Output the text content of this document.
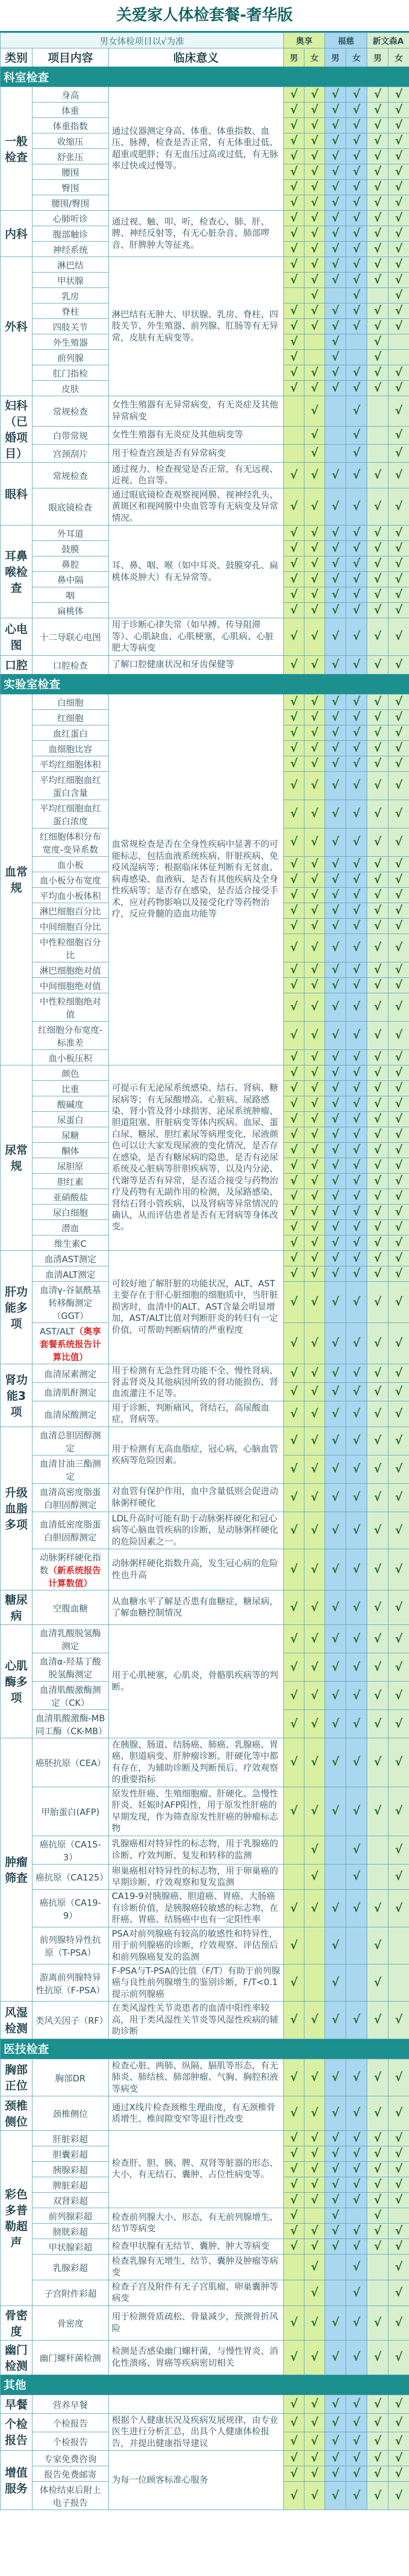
关爱家人体检套餐-奢华版
男女体检项目以√为准			奥享		福慈		新文森A	
类别	项目内容	临床意义	男	女	男	女	男	女
科室检查								
一般检查	身高	通过仪器测定身高、体重、体重指数、血压、脉搏，检查是否正常，有无体重过低、超重或肥胖；有无血压过高或过低，有无脉率过快或过慢等。	√	√	√	√	√	√
	体重		√	√	√	√	√	√
	体重指数		√	√	√	√	√	√
	收缩压		√	√	√	√	√	√
	舒张压		√	√	√	√	√	√
	腰围		√	√	√	√	√	√
	臀围		√	√	√	√	√	√
	腰围/臀围		√	√	√	√	√	√
内科	心肺听诊	通过视、触、叩、听，检查心、肺、肝、脾、神经反射等，有无心脏杂音、肺部啰音、肝脾肿大等征兆。	√	√	√	√	√	√
	腹部触诊		√	√	√	√	√	√
	神经系统		√	√	√	√	√	√
外科	淋巴结	淋巴结有无肿大、甲状腺、乳房、脊柱、四肢关节、外生殖器、前列腺、肛肠等有无异常，皮肤有无病变等。	√	√	√	√	√	√
	甲状腺		√	√	√	√	√	√
	乳房			√		√		√
	脊柱		√	√	√	√	√	√
	四肢关节		√	√	√	√	√	√
	外生殖器		√		√		√	
	前列腺		√		√		√	
	肛门指检		√	√	√	√	√	√
	皮肤		√	√	√	√	√	√
妇科（已婚项目）	常规检查	女性生殖器有无异常病变，有无炎症及其他异常病变		√		√		√
	白带常规	女性生殖器有无炎症及其他病变等		√		√		√
	宫颈刮片	用于检查宫颈是否有异常病变		√		√		√
眼科	常规检查	通过视力、检查视觉是否正常，有无远视、近视、色盲等。	√	√	√	√	√	√
	眼底镜检查	通过眼底镜检查观察视网膜、视神经乳头、黄斑区和视网膜中央血管等有无病变及异常情况。	√	√	√	√	√	√
耳鼻喉检查	外耳道	耳、鼻、咽、喉（如中耳炎、鼓膜穿孔、扁桃体炎肿大）有无异常等。	√	√	√	√	√	√
	鼓膜		√	√	√	√	√	√
	鼻腔		√	√	√	√	√	√
	鼻中隔		√	√	√	√	√	√
	咽		√	√	√	√	√	√
	扁桃体		√	√	√	√	√	√
心电图	十二导联心电图	用于诊断心律失常（如早搏、传导阻滞等）、心肌缺血、心肌梗塞，心肌病、心脏肥大等病变	√	√	√	√	√	√
口腔	口腔检查	了解口腔健康状况和牙齿保健等	√	√	√	√	√	√
实验室检查								
血常规	白细胞	血常规检查是否在全身性疾病中显著不的可能标志，包括血液系统疾病、肝脏疾病、免疫风湿病等；根据临床体征判断有无贫血、病毒感染、血液病、是否有其他疾病及全身性疾病等；是否存在感染，是否适合接受手术，应对药物影响以及接受化疗等药物治疗，反应骨髓的造血功能等	√	√	√	√	√	√
	红细胞		√	√	√	√	√	√
	血红蛋白		√	√	√	√	√	√
	血细胞比容		√	√	√	√	√	√
	平均红细胞体积		√	√	√	√	√	√
	平均红细胞血红蛋白含量		√	√	√	√	√	√
	平均红细胞血红蛋白浓度		√	√	√	√	√	√
	红细胞体积分布宽度-变异系数		√	√	√	√	√	√
	血小板		√	√	√	√	√	√
	血小板分布宽度		√	√	√	√	√	√
	平均血小板体积		√	√	√	√	√	√
	淋巴细胞百分比		√	√	√	√	√	√
	中间细胞百分比		√	√	√	√	√	√
	中性粒细胞百分比		√	√	√	√	√	√
	淋巴细胞绝对值		√	√	√	√	√	√
	中间细胞绝对值		√	√	√	√	√	√
	中性粒细胞绝对值		√	√	√	√	√	√
	红细胞分布宽度-标准差		√	√	√	√	√	√
	血小板压积		√	√	√	√	√	√
尿常规	颜色	可提示有无泌尿系统感染、结石、肾病、糖尿病等；有无尿酸增高、心脏病、尿路感染、肾小管及肾小球损害、泌尿系统肿瘤、胆道阻塞、肝脏病变等体内疾病。血尿、蛋白尿、糖尿、胆红素尿等病理变化，尿液颜色可以让大家发现尿液的变化情况，是否存在感染，是否有糖尿病的隐患，是否有泌尿系统及心脏病等肝胆疾病等，以及内分泌、代谢等是否有异常，是否适合接受与药物治疗及药物有无副作用的检测，及尿路感染、肾结石肾小管疾病，以及肾病等异常情况的确认，从而评估患者是否有无肾病等身体改变。	√	√	√	√	√	√
	比重		√	√	√	√	√	√
	酸碱度		√	√	√	√	√	√
	尿蛋白		√	√	√	√	√	√
	尿糖		√	√	√	√	√	√
	酮体		√	√	√	√	√	√
	尿胆原		√	√	√	√	√	√
	胆红素		√	√	√	√	√	√
	亚硝酸盐		√	√	√	√	√	√
	尿白细胞		√	√	√	√	√	√
	潜血		√	√	√	√	√	√
	维生素C		√	√	√	√	√	√
肝功能多项	血清AST测定	可较好地了解肝脏的功能状况，ALT、AST主要存在于肝心脏细胞的细胞质中，当肝脏损害时，血清中的ALT、AST含量会明显增加，AST/ALT比值对判断肝炎的转归有一定价值，可帮助判断病情的严重程度	√	√	√	√	√	√
	血清ALT测定		√	√	√	√	√	√
	血清γ-谷氨酰基转移酶测定（GGT）		√	√	√	√	√	√
	AST/ALT（奥享套餐系统报告计算比值）		√	√	√	√	√	√
肾功能3项	血清尿素测定	用于检测有无急性肾功能不全、慢性肾病、肾盂肾炎及其他病因所致的肾功能损伤、肾血流灌注不足等。	√	√	√	√	√	√
	血清肌酐测定		√	√	√	√	√	√
	血清尿酸测定	用于诊断、判断痛风，肾结石，高尿酸血症，肾病等。	√	√	√	√	√	√
升级血脂多项	血清总胆固醇测定	用于检测有无高血脂症，冠心病，心脑血管疾病等危险因素。	√	√	√	√	√	√
	血清甘油三酯测定		√	√	√	√	√	√
	血清高密度脂蛋白胆固醇测定	对血管有保护作用，血中含量低则会促进动脉粥样硬化	√	√	√	√	√	√
	血清低密度脂蛋白胆固醇测定	LDL升高时可能有助于动脉粥样硬化和冠心病等心脑血管疾病的诊断，是动脉粥样硬化的危险因素之一。	√	√	√	√	√	√
	动脉粥样硬化指数（新系统报告计算数值）	动脉粥样硬化指数升高，发生冠心病的危险性也升高	√	√	√	√	√	√
糖尿病	空腹血糖	从血糖水平了解是否患有血糖症，糖尿病，了解血糖控制情况	√	√	√	√	√	√
心肌酶多项	血清乳酸脱氢酶测定	用于心肌梗塞，心肌炎，骨骼肌疾病等的判断。	√	√	√	√	√	√
	血清α-羟基丁酸脱氢酶测定		√	√	√	√	√	√
	血清肌酸激酶测定（CK）		√	√	√	√	√	√
	血清肌酸激酶-MB同工酶（CK-MB）		√	√	√	√	√	√
肿瘤筛查	癌胚抗原（CEA）	在胰腺、肠道、结肠癌、肺癌、乳腺癌、胃癌、胆道病变、肝肿瘤诊断、肝硬化等中都有存在，为辅助诊断及判断预后、疗效观察的重要指标	√	√	√	√	√	√
	甲胎蛋白(AFP)	原发性肝癌、生殖细胞瘤、肝硬化、急慢性肝炎、妊娠时AFP阳性，用于原发性肝癌的早期发现，作为筛查原发性肝癌的肿瘤标志物	√	√	√	√	√	√
	癌抗原（CA15-3）	乳腺癌相对特异性的标志物，用于乳腺癌的诊断、疗效判断、复发和转移的监测		√		√		√
	癌抗原（CA125）	卵巢癌相对特异性的标志物，用于卵巢癌的早期诊断、疗效观察和复发监测		√		√		√
	癌抗原（CA19-9）	CA19-9对胰腺癌、胆道癌、胃癌、大肠癌有诊断价值，是胰腺癌较敏感的标志物，在肝癌、胃癌、结肠癌中也有一定阳性率	√	√	√	√	√	√
	前列腺特异性抗原（T-PSA）	PSA对前列腺癌有较高的敏感性和特异性，用于前列腺癌的诊断，疗效观察、评估预后和前列腺癌复发的监测	√		√		√	
	游离前列腺特异性抗原（F-PSA）	F-PSA与T-PSA的比值（F/T）有助于前列腺癌与良性前列腺增生的鉴别诊断，F/T<0.1提示前列腺癌	√		√		√	
风湿检测	类风关因子（RF）	在类风湿性关节炎患者的血清中阳性率较高，用于类风湿性关节炎等风湿性疾病的辅助诊断	√	√	√	√	√	√
医技检查								
胸部正位	胸部DR	检查心脏、两肺、纵隔、膈肌等形态，有无肺炎、肺结核、肺部肿瘤、气胸、胸腔积液等病变	√	√	√	√	√	√
颈椎侧位	颈椎侧位	通过X线片检查颈椎生理曲度，有无颈椎骨质增生、椎间隙变窄等退行性改变	√	√	√	√	√	√
彩色多普勒超声	肝脏彩超	检查肝、胆、胰、脾、双肾等脏器的形态、大小，有无结石、囊肿、占位性病变等。	√	√	√	√	√	√
	胆囊彩超		√	√	√	√	√	√
	胰腺彩超		√	√	√	√	√	√
	脾脏彩超		√	√	√	√	√	√
	双肾彩超		√	√	√	√	√	√
	前列腺彩超	检查前列腺大小、形态，有无前列腺增生、结节等病变	√		√		√	
	膀胱彩超		√	√	√	√	√	√
	甲状腺彩超	检查甲状腺有无结节、囊肿、肿大等病变	√	√	√	√	√	√
	乳腺彩超	检查乳腺有无增生、结节、囊肿及肿瘤等病变		√		√		√
	子宫附件彩超	检查子宫及附件有无子宫肌瘤、卵巢囊肿等病变		√		√		√
骨密度	骨密度	用于检测骨质疏松、骨量减少，预测骨折风险	√	√	√	√	√	√
幽门检测	幽门螺杆菌检测	检测是否感染幽门螺杆菌，与慢性胃炎、消化性溃疡、胃癌等疾病密切相关	√	√	√	√	√	√
其他								
早餐	营养早餐		√	√	√	√	√	√
个检报告	个检报告	根据个人健康状况及疾病发展规律，由专业医生进行分析汇总，出具个人健康体检报告，并提出健康指导建议	√	√	√	√	√	√
	个检报告		√	√	√	√	√	√
增值服务	专家免费咨询	为每一位顾客标准心服务	√	√	√	√	√	√
	报告免费邮寄		√	√	√	√	√	√
	体检结束后附上电子报告		√	√	√	√	√	√
